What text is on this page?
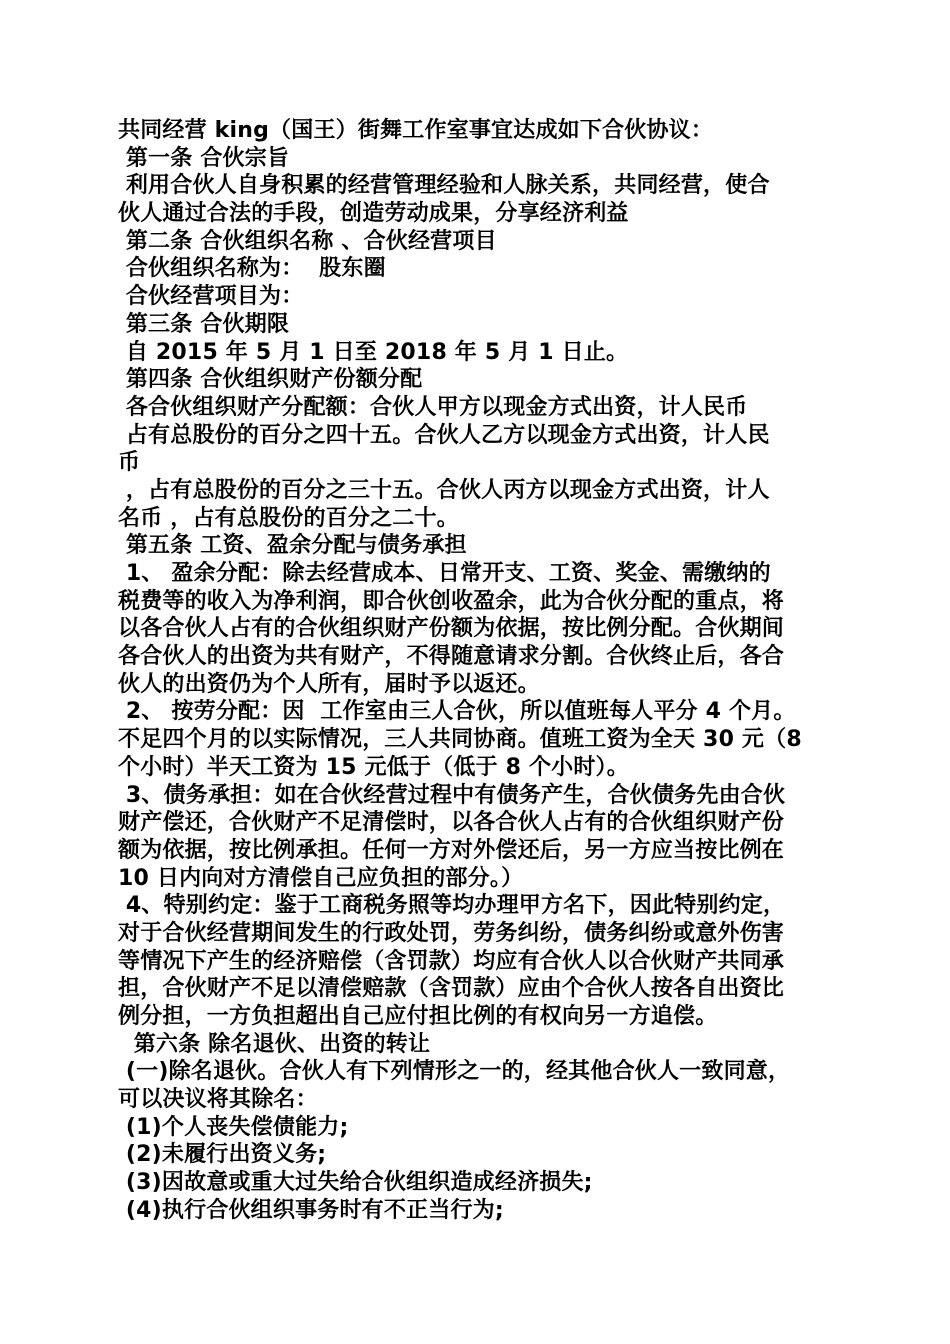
共同经营 king（国王）街舞工作室事宜达成如下合伙协议：
第一条 合伙宗旨
利用合伙人自身积累的经营管理经验和人脉关系，共同经营，使合
伙人通过合法的手段，创造劳动成果，分享经济利益
第二条 合伙组织名称 、合伙经营项目
合伙组织名称为：  股东圈
合伙经营项目为：
第三条 合伙期限
自 2015 年 5 月 1 日至 2018 年 5 月 1 日止。
第四条 合伙组织财产份额分配
各合伙组织财产分配额：合伙人甲方以现金方式出资，计人民币
占有总股份的百分之四十五。合伙人乙方以现金方式出资，计人民
币
，占有总股份的百分之三十五。合伙人丙方以现金方式出资，计人
名币 ，占有总股份的百分之二十。
第五条 工资、盈余分配与债务承担
1、 盈余分配：除去经营成本、日常开支、工资、奖金、需缴纳的
税费等的收入为净利润，即合伙创收盈余，此为合伙分配的重点，将
以各合伙人占有的合伙组织财产份额为依据，按比例分配。合伙期间
各合伙人的出资为共有财产，不得随意请求分割。合伙终止后，各合
伙人的出资仍为个人所有，届时予以返还。
2、 按劳分配：因  工作室由三人合伙，所以值班每人平分 4 个月。
不足四个月的以实际情况，三人共同协商。值班工资为全天 30 元（8
个小时）半天工资为 15 元低于（低于 8 个小时）。
3、债务承担：如在合伙经营过程中有债务产生，合伙债务先由合伙
财产偿还，合伙财产不足清偿时，以各合伙人占有的合伙组织财产份
额为依据，按比例承担。任何一方对外偿还后，另一方应当按比例在
10 日内向对方清偿自己应负担的部分。）
4、特别约定：鉴于工商税务照等均办理甲方名下，因此特别约定，
对于合伙经营期间发生的行政处罚，劳务纠纷，债务纠纷或意外伤害
等情况下产生的经济赔偿（含罚款）均应有合伙人以合伙财产共同承
担，合伙财产不足以清偿赔款（含罚款）应由个合伙人按各自出资比
例分担，一方负担超出自己应付担比例的有权向另一方追偿。
第六条 除名退伙、出资的转让
(一)除名退伙。合伙人有下列情形之一的，经其他合伙人一致同意，
可以决议将其除名：
(1)个人丧失偿债能力;
(2)未履行出资义务;
(3)因故意或重大过失给合伙组织造成经济损失;
(4)执行合伙组织事务时有不正当行为;
